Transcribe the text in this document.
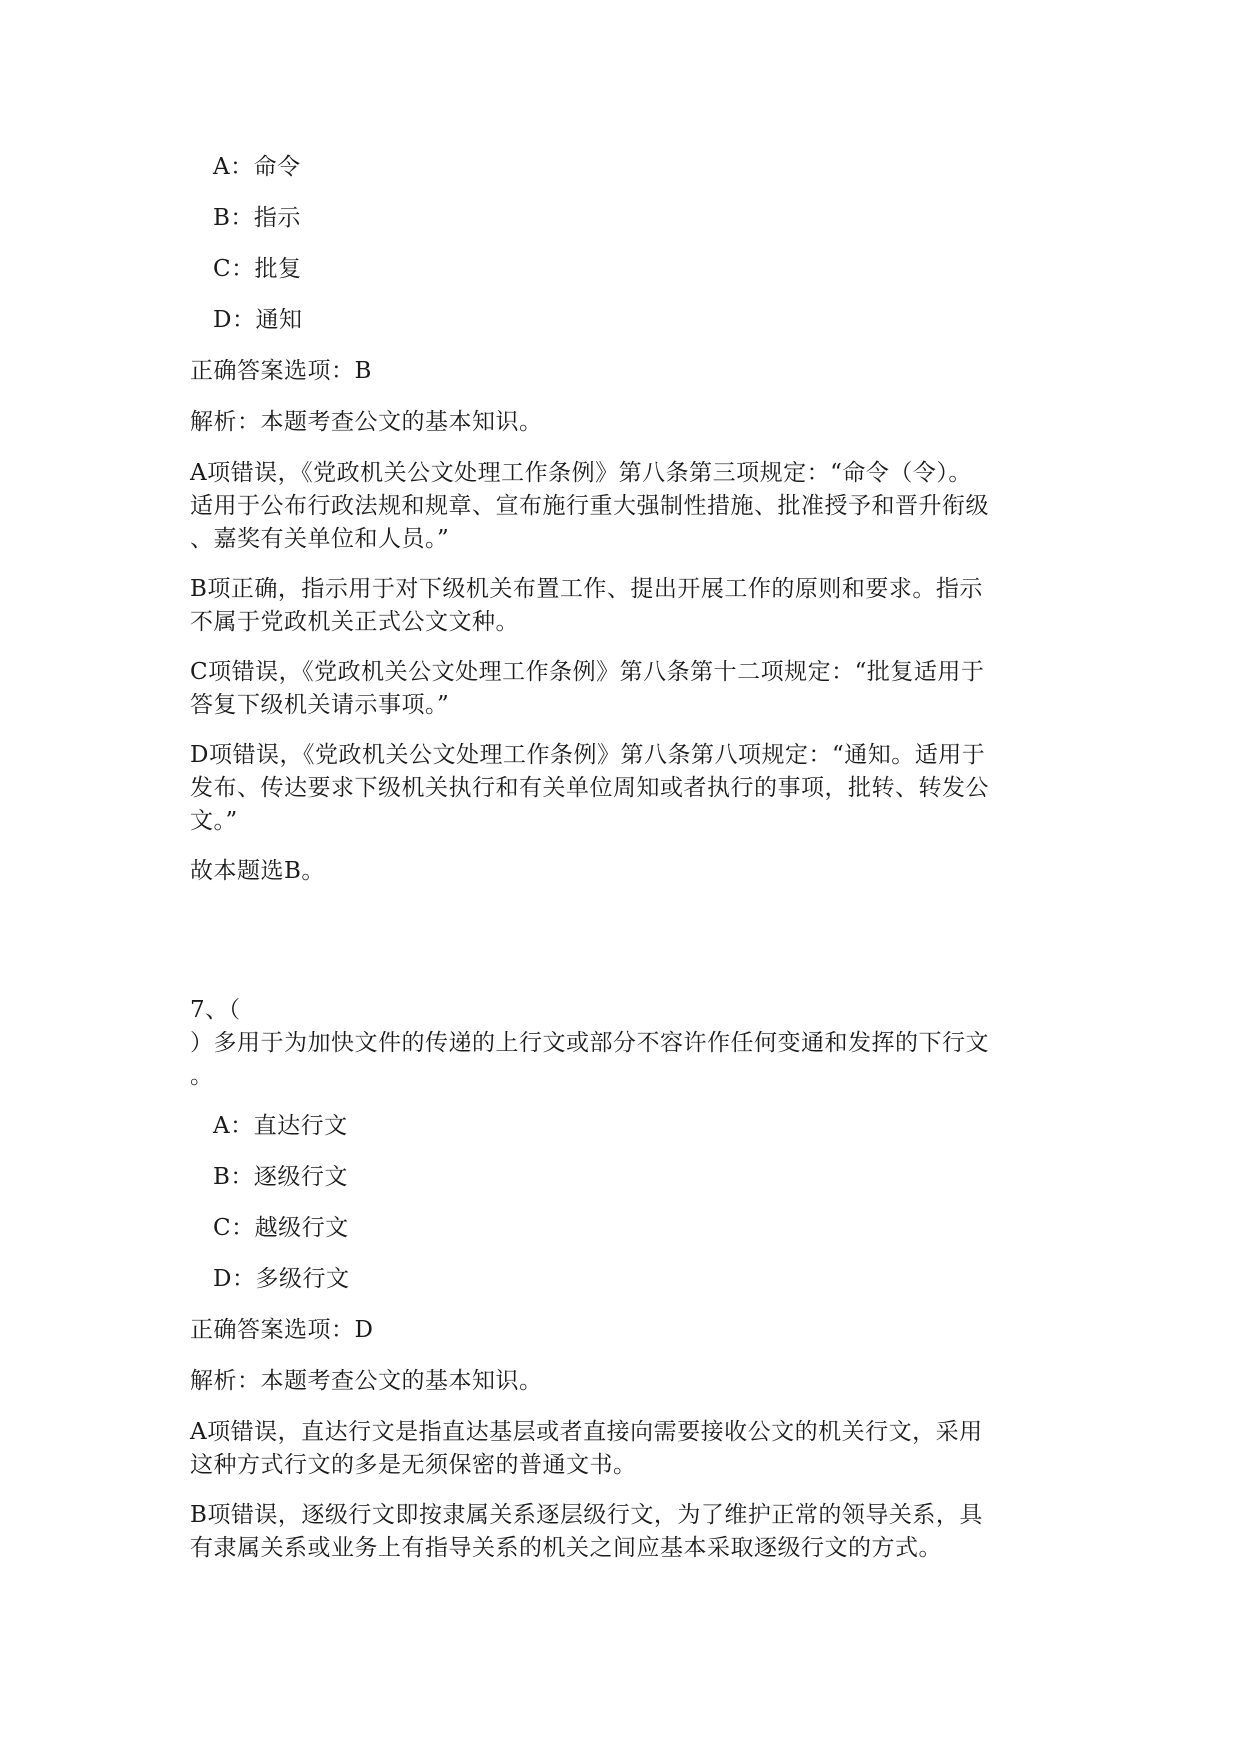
A：命令
B：指示
C：批复
D：通知
正确答案选项：B
解析：本题考查公文的基本知识。
A项错误，《党政机关公文处理工作条例》第八条第三项规定：“命令（令）。
适用于公布行政法规和规章、宣布施行重大强制性措施、批准授予和晋升衔级
、嘉奖有关单位和人员。”
B项正确，指示用于对下级机关布置工作、提出开展工作的原则和要求。指示
不属于党政机关正式公文文种。
C项错误，《党政机关公文处理工作条例》第八条第十二项规定：“批复适用于
答复下级机关请示事项。”
D项错误，《党政机关公文处理工作条例》第八条第八项规定：“通知。适用于
发布、传达要求下级机关执行和有关单位周知或者执行的事项，批转、转发公
文。”
故本题选B。
7、（
）多用于为加快文件的传递的上行文或部分不容许作任何变通和发挥的下行文
。
A：直达行文
B：逐级行文
C：越级行文
D：多级行文
正确答案选项：D
解析：本题考查公文的基本知识。
A项错误，直达行文是指直达基层或者直接向需要接收公文的机关行文，采用
这种方式行文的多是无须保密的普通文书。
B项错误，逐级行文即按隶属关系逐层级行文，为了维护正常的领导关系，具
有隶属关系或业务上有指导关系的机关之间应基本采取逐级行文的方式。
